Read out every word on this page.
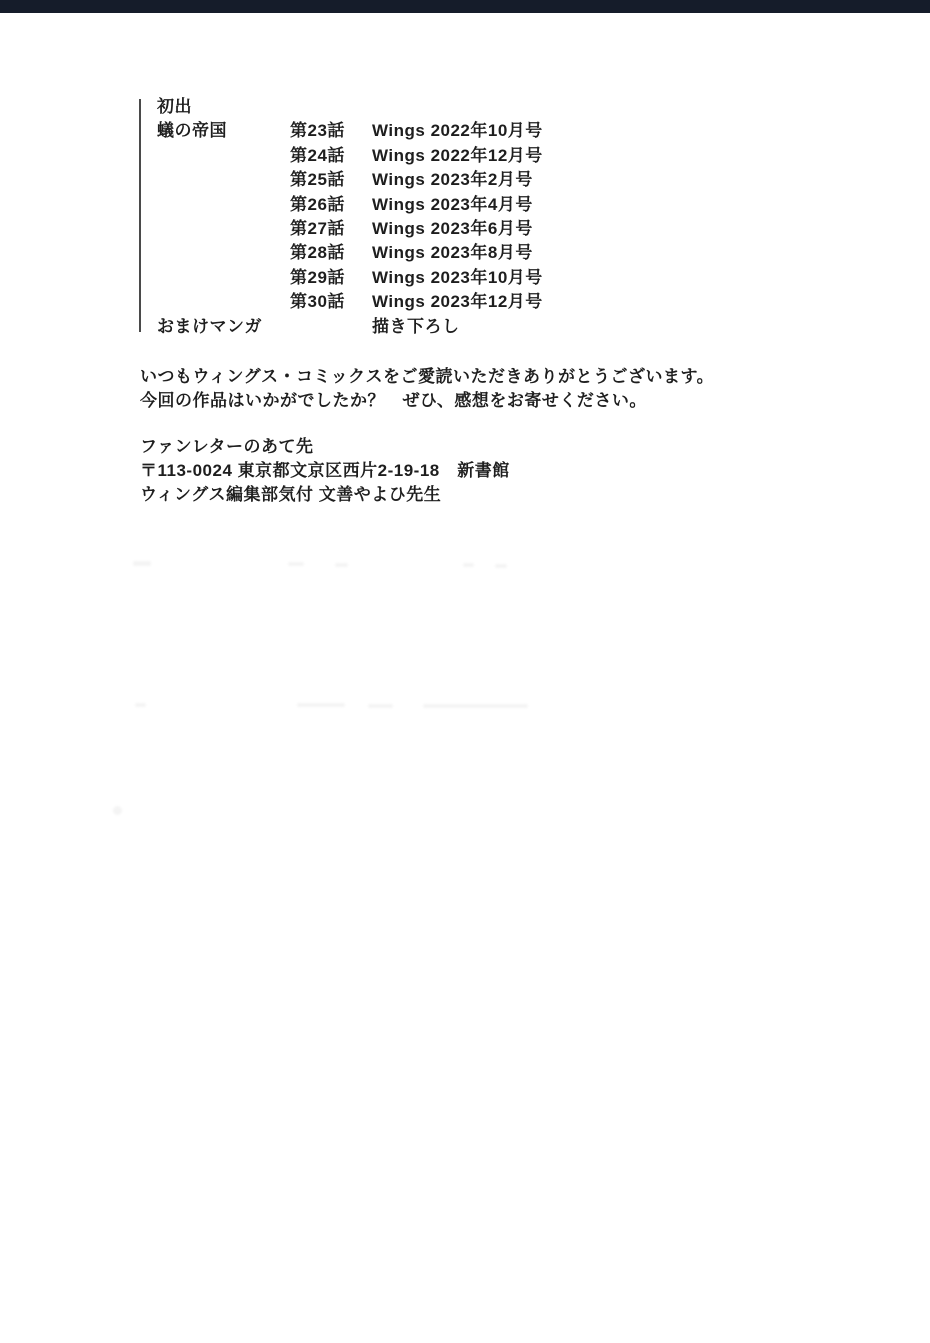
初出
蟻の帝国	第23話 Wings 2022年10月号
第24話 Wings 2022年12月号
第25話 Wings 2023年2月号
第26話 Wings 2023年4月号
第27話 Wings 2023年6月号
第28話 Wings 2023年8月号
第29話 Wings 2023年10月号
第30話 Wings 2023年12月号
おまけマンガ	描き下ろし
いつもウィングス・コミックスをご愛読いただきありがとうございます。
今回の作品はいかがでしたか？　ぜひ、感想をお寄せください。
ファンレターのあて先
〒113-0024 東京都文京区西片2-19-18　新書館
ウィングス編集部気付 文善やよひ先生
